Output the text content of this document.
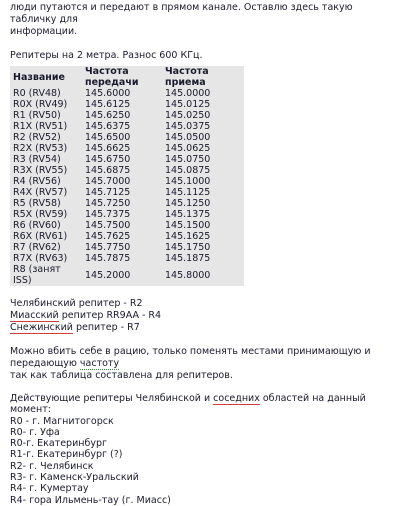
люди путаются и передают в прямом канале. Оставлю здесь такую табличку для

информации.

Репитеры на 2 метра. Разнос 600 КГц.

Название	Частота передачи	Частота приема
R0 (RV48)	145.6000	145.0000
R0X (RV49)	145.6125	145.0125
R1 (RV50)	145.6250	145.0250
R1X (RV51)	145.6375	145.0375
R2 (RV52)	145.6500	145.0500
R2X (RV53)	145.6625	145.0625
R3 (RV54)	145.6750	145.0750
R3X (RV55)	145.6875	145.0875
R4 (RV56)	145.7000	145.1000
R4X (RV57)	145.7125	145.1125
R5 (RV58)	145.7250	145.1250
R5X (RV59)	145.7375	145.1375
R6 (RV60)	145.7500	145.1500
R6X (RV61)	145.7625	145.1625
R7 (RV62)	145.7750	145.1750
R7X (RV63)	145.7875	145.1875
R8 (занят ISS)	145.2000	145.8000

Челябинский репитер - R2

Миасский репитер RR9AA - R4

Снежинский репитер - R7

Можно вбить себе в рацию, только поменять местами принимающую и передающую частоту

так как таблица составлена для репитеров.

Действующие репитеры Челябинской и соседних областей на данный момент:

R0 - г. Магнитогорск

R0- г. Уфа

R0-г. Екатеринбург

R1-г. Екатеринбург (?)

R2- г. Челябинск

R3- г. Каменск-Уральский

R4- г. Кумертау

R4- гора Ильмень-тау (г. Миасс)
